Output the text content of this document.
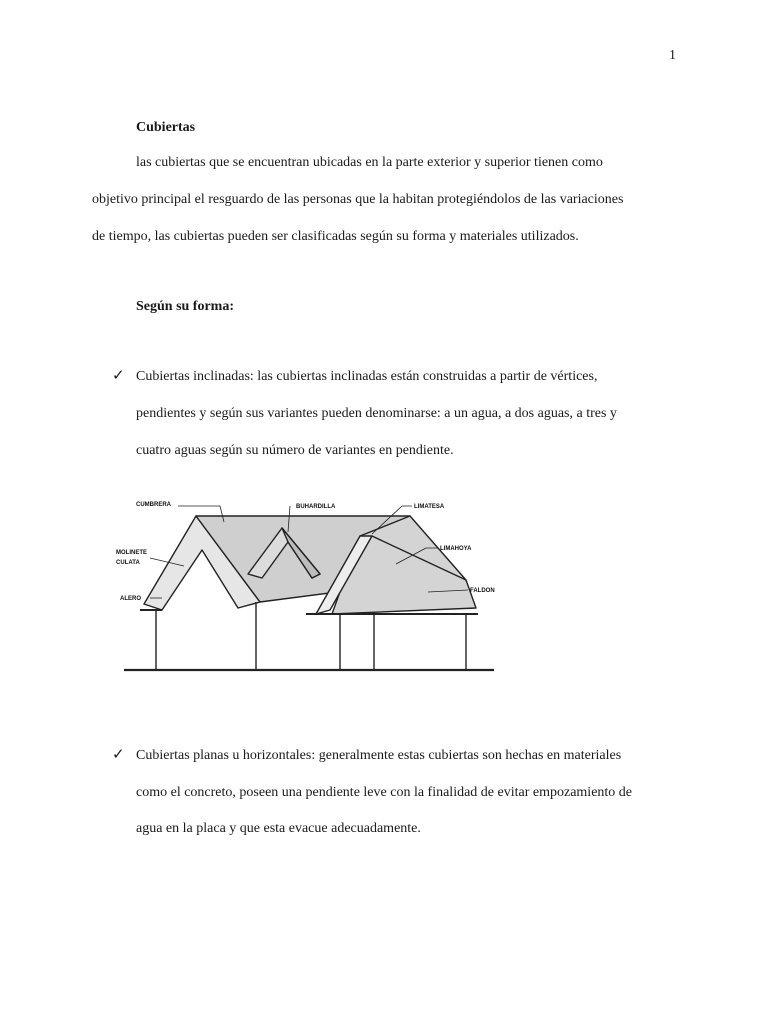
1
Cubiertas
las cubiertas que se encuentran ubicadas en la parte exterior y superior tienen como
objetivo principal el resguardo de las personas que la habitan protegiéndolos de las variaciones
de tiempo, las cubiertas pueden ser clasificadas según su forma y materiales utilizados.
Según su forma:
✓ Cubiertas inclinadas: las cubiertas inclinadas están construidas a partir de vértices,
pendientes y según sus variantes pueden denominarse: a un agua, a dos aguas, a tres y
cuatro aguas según su número de variantes en pendiente.
CUMBRERA	BUHARDILLA	LIMATESA
LIMAHOYA
MOLINETE
CULATA
ALERO
FALDON
✓ Cubiertas planas u horizontales: generalmente estas cubiertas son hechas en materiales
como el concreto, poseen una pendiente leve con la finalidad de evitar empozamiento de
agua en la placa y que esta evacue adecuadamente.
